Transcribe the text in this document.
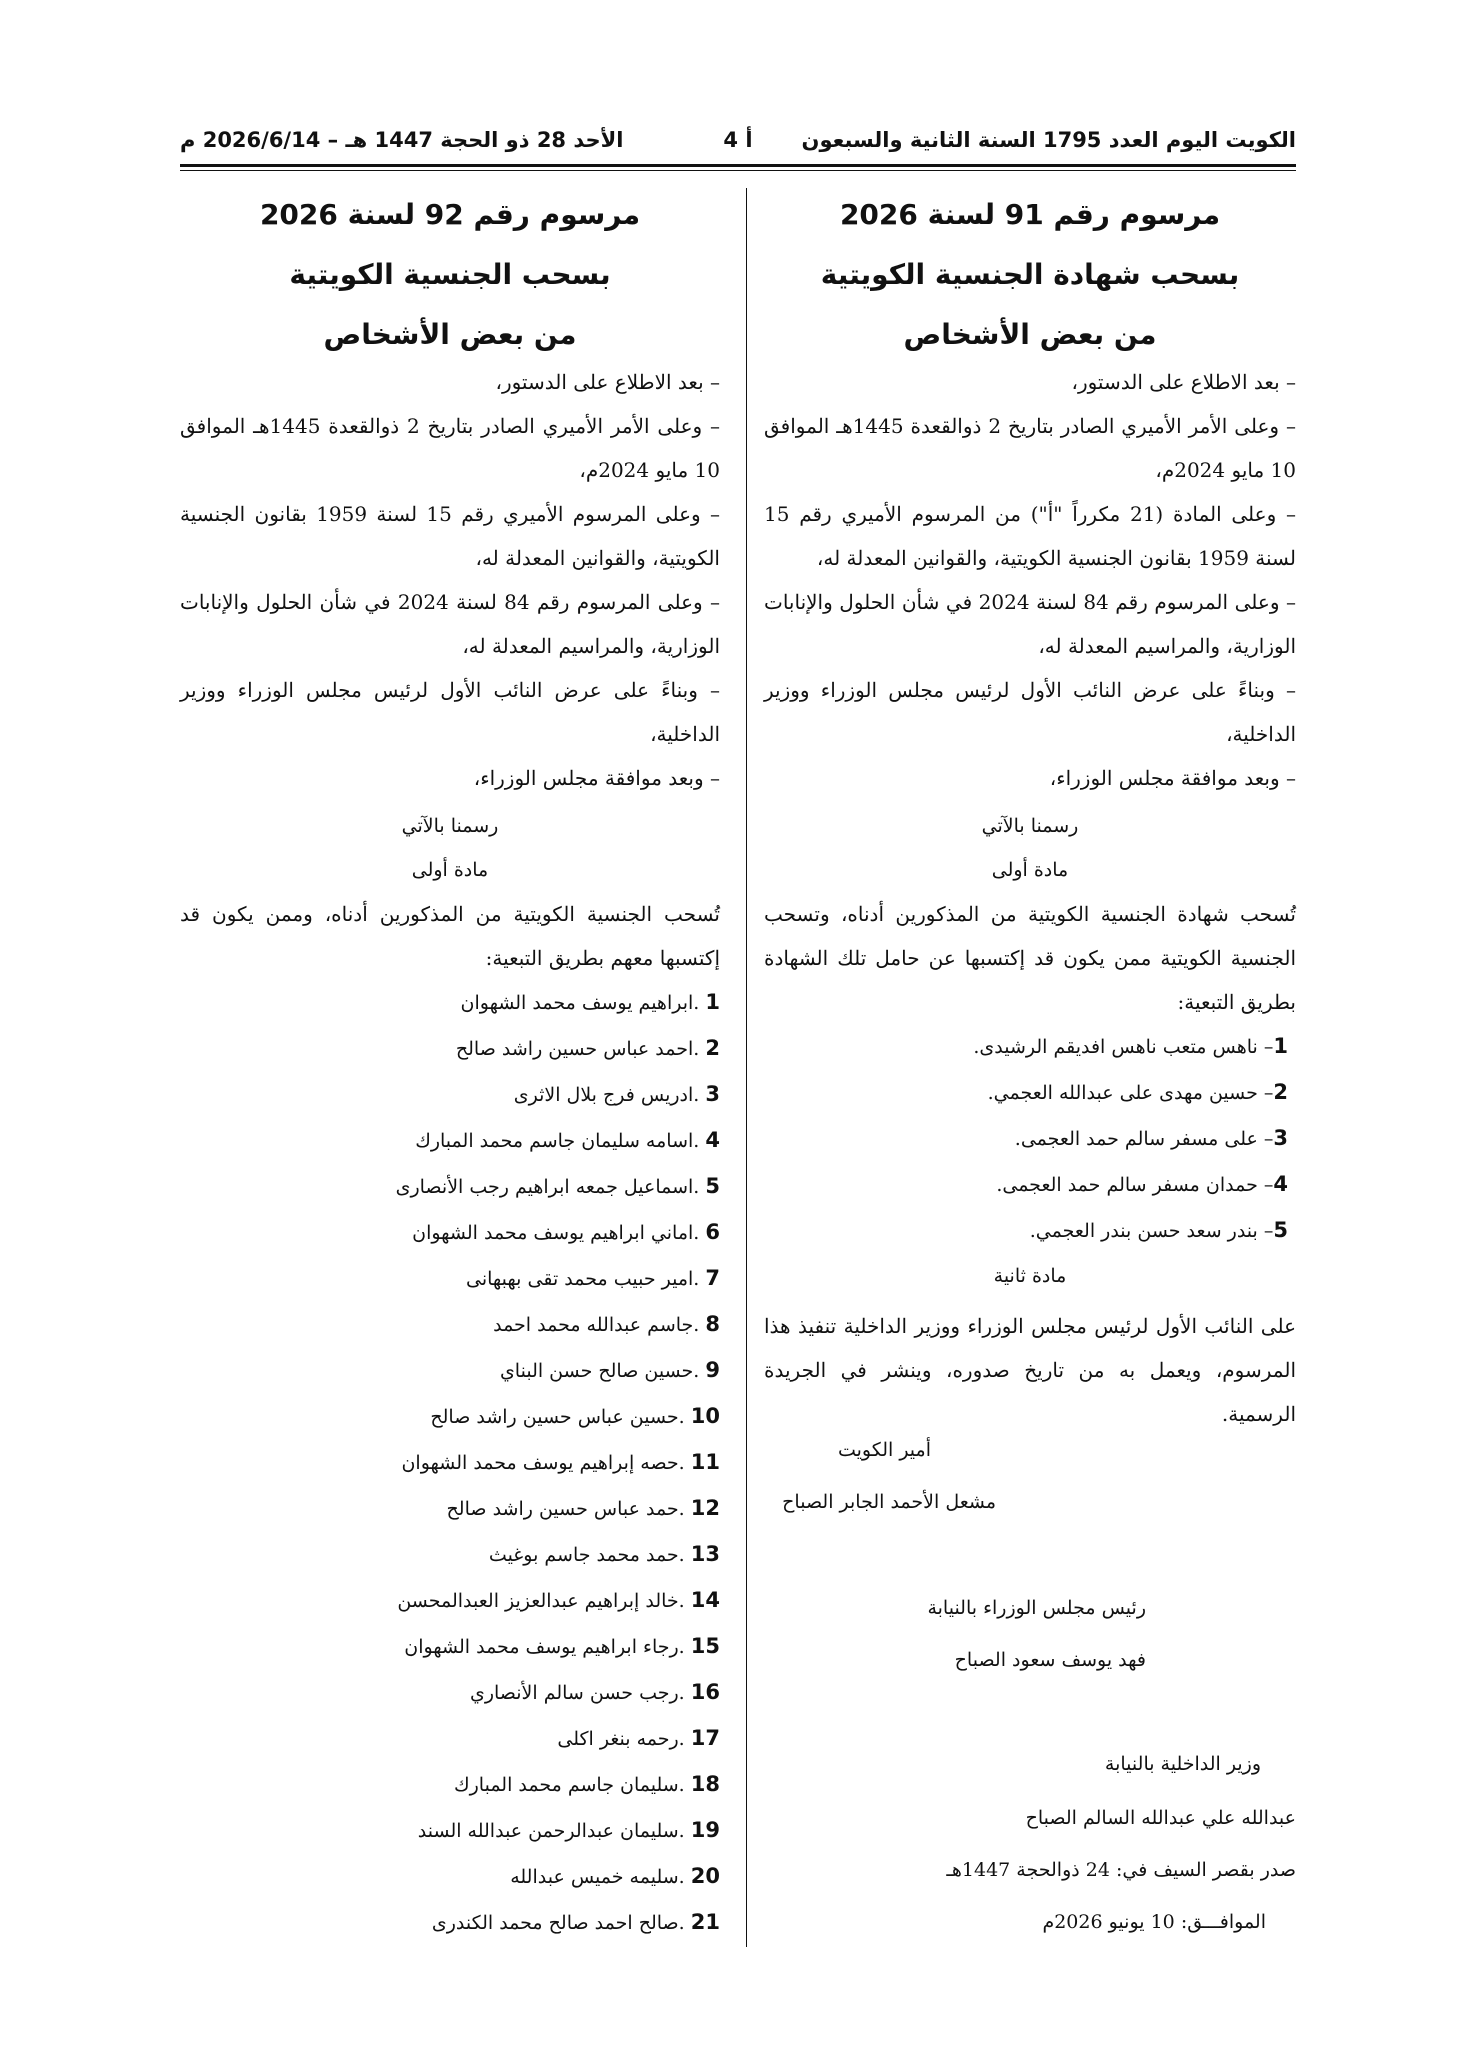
الكويت اليوم العدد 1795 السنة الثانية والسبعون
أ 4
الأحد 28 ذو الحجة 1447 هـ – 2026/6/14 م

مرسوم رقم 91 لسنة 2026

بسحب شهادة الجنسية الكويتية

من بعض الأشخاص

– بعد الاطلاع على الدستور،

– وعلى الأمر الأميري الصادر بتاريخ 2 ذوالقعدة 1445هـ الموافق 10 مايو 2024م،

– وعلى المادة (21 مكرراً "أ") من المرسوم الأميري رقم 15 لسنة 1959 بقانون الجنسية الكويتية، والقوانين المعدلة له،

– وعلى المرسوم رقم 84 لسنة 2024 في شأن الحلول والإنابات الوزارية، والمراسيم المعدلة له،

– وبناءً على عرض النائب الأول لرئيس مجلس الوزراء ووزير الداخلية،

– وبعد موافقة مجلس الوزراء،

رسمنا بالآتي

مادة أولى

تُسحب شهادة الجنسية الكويتية من المذكورين أدناه، وتسحب الجنسية الكويتية ممن يكون قد إكتسبها عن حامل تلك الشهادة بطريق التبعية:

1– ناهس متعب ناهس افديقم الرشيدى.
2– حسين مهدى على عبدالله العجمي.
3– على مسفر سالم حمد العجمى.
4– حمدان مسفر سالم حمد العجمى.
5– بندر سعد حسن بندر العجمي.

مادة ثانية

على النائب الأول لرئيس مجلس الوزراء ووزير الداخلية تنفيذ هذا المرسوم، ويعمل به من تاريخ صدوره، وينشر في الجريدة الرسمية.

أمير الكويت
مشعل الأحمد الجابر الصباح
رئيس مجلس الوزراء بالنيابة
فهد يوسف سعود الصباح
وزير الداخلية بالنيابة
عبدالله علي عبدالله السالم الصباح
صدر بقصر السيف في: 24 ذوالحجة 1447هـ
الموافـــق: 10 يونيو 2026م

مرسوم رقم 92 لسنة 2026

بسحب الجنسية الكويتية

من بعض الأشخاص

– بعد الاطلاع على الدستور،

– وعلى الأمر الأميري الصادر بتاريخ 2 ذوالقعدة 1445هـ الموافق 10 مايو 2024م،

– وعلى المرسوم الأميري رقم 15 لسنة 1959 بقانون الجنسية الكويتية، والقوانين المعدلة له،

– وعلى المرسوم رقم 84 لسنة 2024 في شأن الحلول والإنابات الوزارية، والمراسيم المعدلة له،

– وبناءً على عرض النائب الأول لرئيس مجلس الوزراء ووزير الداخلية،

– وبعد موافقة مجلس الوزراء،

رسمنا بالآتي

مادة أولى

تُسحب الجنسية الكويتية من المذكورين أدناه، وممن يكون قد إكتسبها معهم بطريق التبعية:

1 .ابراهيم يوسف محمد الشهوان
2 .احمد عباس حسين راشد صالح
3 .ادريس فرج بلال الاثرى
4 .اسامه سليمان جاسم محمد المبارك
5 .اسماعيل جمعه ابراهيم رجب الأنصارى
6 .اماني ابراهيم يوسف محمد الشهوان
7 .امير حبيب محمد تقى بهبهانى
8 .جاسم عبدالله محمد احمد
9 .حسين صالح حسن البناي
10 .حسين عباس حسين راشد صالح
11 .حصه إبراهيم يوسف محمد الشهوان
12 .حمد عباس حسين راشد صالح
13 .حمد محمد جاسم بوغيث
14 .خالد إبراهيم عبدالعزيز العبدالمحسن
15 .رجاء ابراهيم يوسف محمد الشهوان
16 .رجب حسن سالم الأنصاري
17 .رحمه بنغر اكلى
18 .سليمان جاسم محمد المبارك
19 .سليمان عبدالرحمن عبدالله السند
20 .سليمه خميس عبدالله
21 .صالح احمد صالح محمد الكندرى
